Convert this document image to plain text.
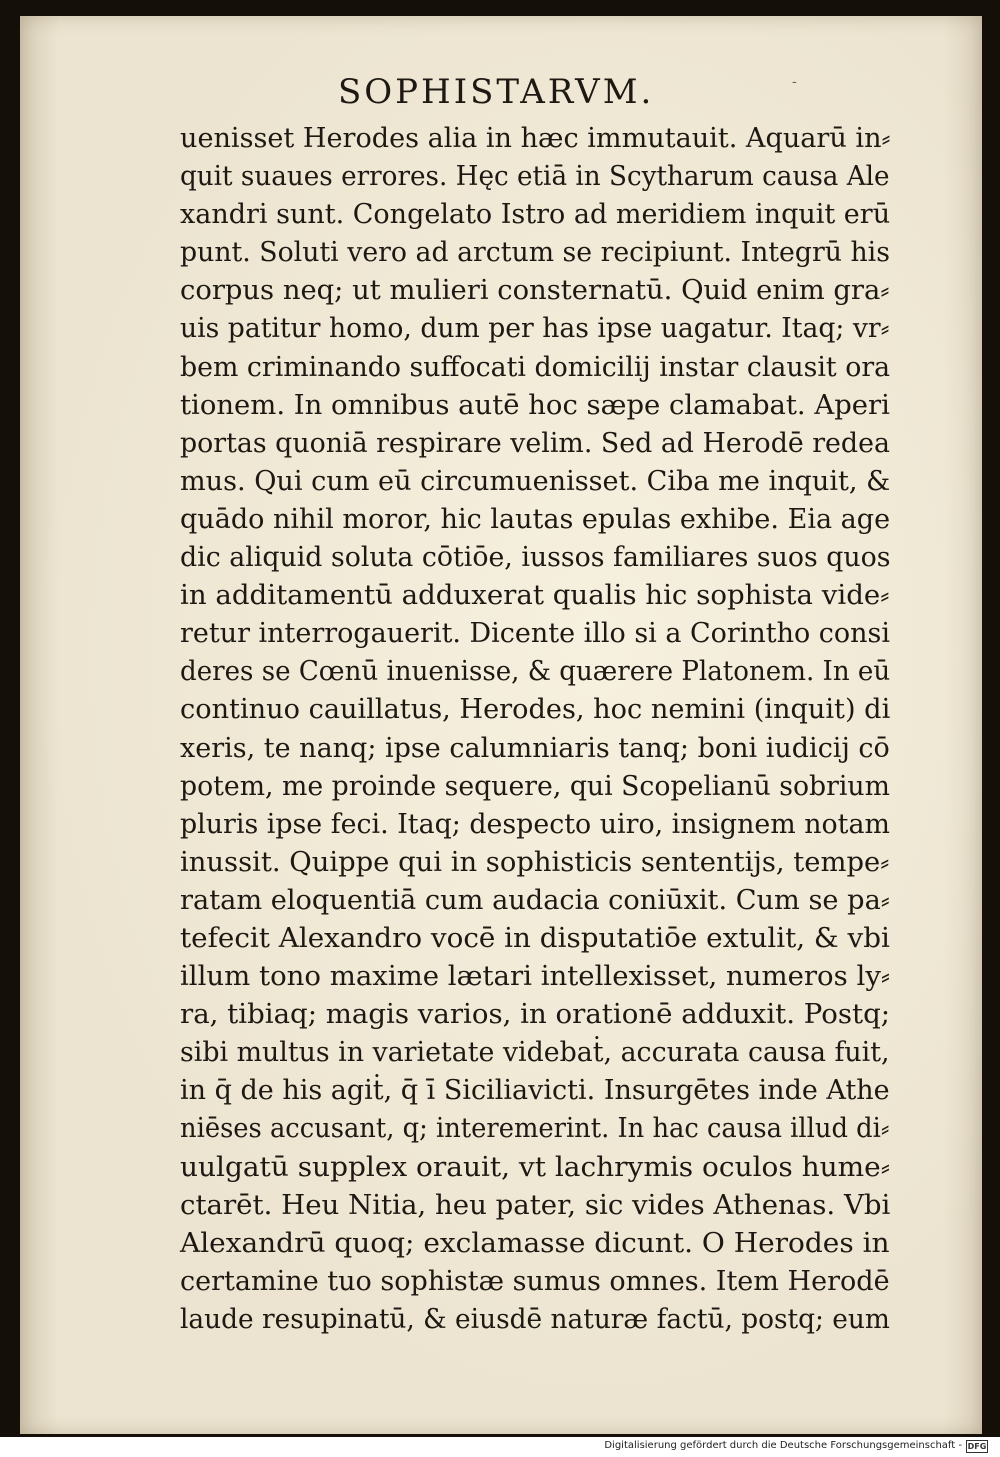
SOPHISTARVM.	-
uenisset Herodes alia in hæc immutauit. Aquarū in⸗
quit suaues errores. Hęc etiā in Scytharum causa Ale
xandri sunt. Congelato Istro ad meridiem inquit erū
punt. Soluti vero ad arctum se recipiunt. Integrū his
corpus neq; ut mulieri consternatū. Quid enim gra⸗
uis patitur homo, dum per has ipse uagatur. Itaq; vr⸗
bem criminando suffocati domicilij instar clausit ora
tionem. In omnibus autē hoc sæpe clamabat. Aperi
portas quoniā respirare velim. Sed ad Herodē redea
mus. Qui cum eū circumuenisset. Ciba me inquit, &
quādo nihil moror, hic lautas epulas exhibe. Eia age
dic aliquid soluta cōtiōe, iussos familiares suos quos
in additamentū adduxerat qualis hic sophista vide⸗
retur interrogauerit. Dicente illo si a Corintho consi
deres se Cœnū inuenisse, & quærere Platonem. In eū
continuo cauillatus, Herodes, hoc nemini (inquit) di
xeris, te nanq; ipse calumniaris tanq; boni iudicij cō
potem, me proinde sequere, qui Scopelianū sobrium
pluris ipse feci. Itaq; despecto uiro, insignem notam
inussit. Quippe qui in sophisticis sententijs, tempe⸗
ratam eloquentiā cum audacia coniūxit. Cum se pa⸗
tefecit Alexandro vocē in disputatiōe extulit, & vbi
illum tono maxime lætari intellexisset, numeros ly⸗
ra, tibiaq; magis varios, in orationē adduxit. Postq;
sibi multus in varietate videbaṫ, accurata causa fuit,
in q̄ de his agiṫ, q̄ ī Siciliavicti. Insurgētes inde Athe
niēses accusant, q; interemerint. In hac causa illud di⸗
uulgatū supplex orauit, vt lachrymis oculos hume⸗
ctarēt. Heu Nitia, heu pater, sic vides Athenas. Vbi
Alexandrū quoq; exclamasse dicunt. O Herodes in
certamine tuo sophistæ sumus omnes. Item Herodē
laude resupinatū, & eiusdē naturæ factū, postq; eum
Digitalisierung gefördert durch die Deutsche Forschungsgemeinschaft - DFG
